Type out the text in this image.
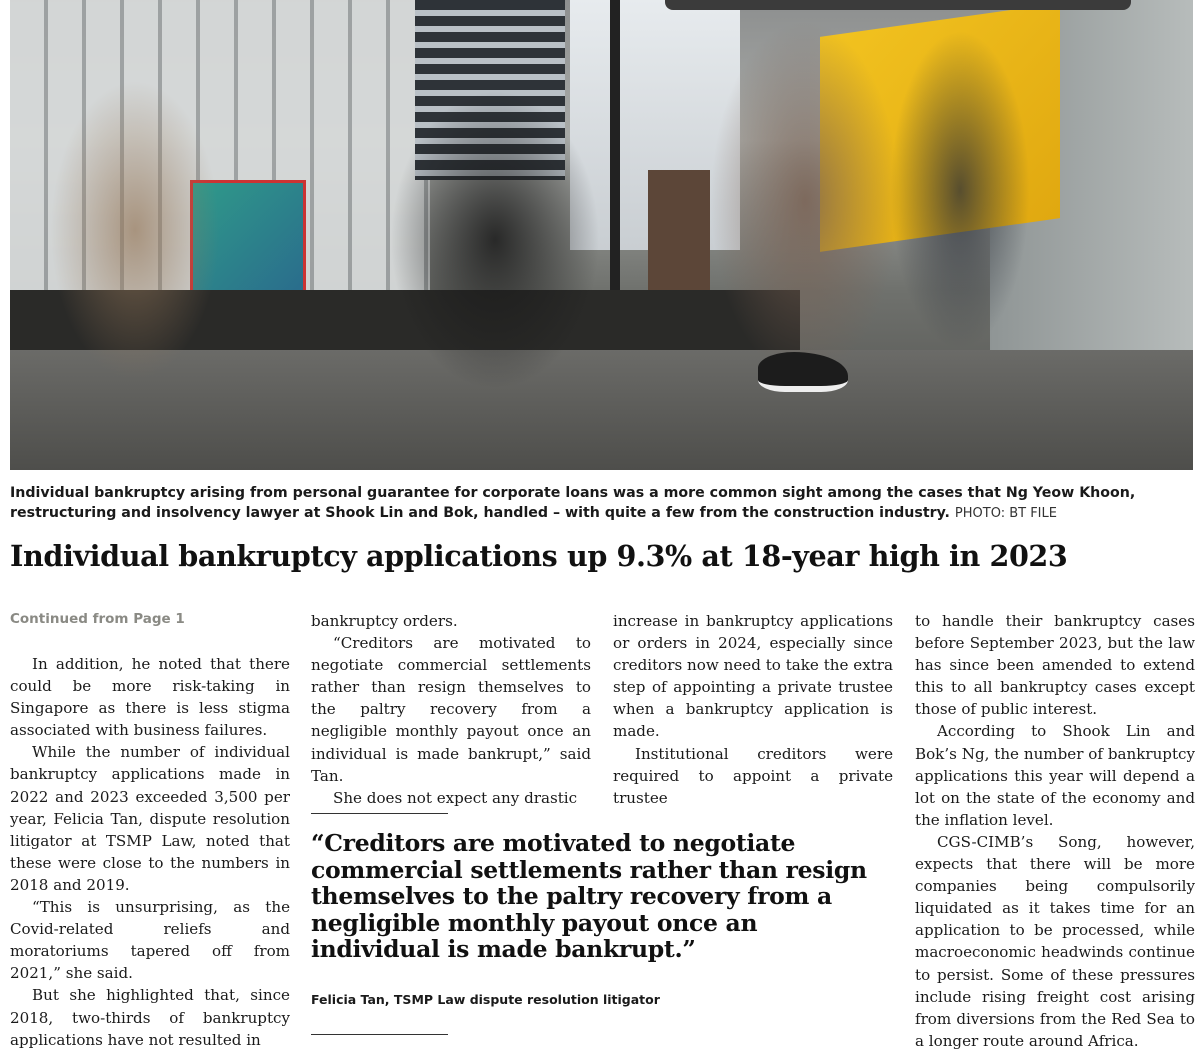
Individual bankruptcy arising from personal guarantee for corporate loans was a more common sight among the cases that Ng Yeow Khoon, restructuring and insolvency lawyer at Shook Lin and Bok, handled – with quite a few from the construction industry. PHOTO: BT FILE
Individual bankruptcy applications up 9.3% at 18-year high in 2023
Continued from Page 1

In addition, he noted that there could be more risk-taking in Singapore as there is less stigma associated with business failures.

While the number of individual bankruptcy applications made in 2022 and 2023 exceeded 3,500 per year, Felicia Tan, dispute resolution litigator at TSMP Law, noted that these were close to the numbers in 2018 and 2019.

“This is unsurprising, as the Covid-related reliefs and moratoriums tapered off from 2021,” she said.

But she highlighted that, since 2018, two-thirds of bankruptcy applications have not resulted in

bankruptcy orders.

“Creditors are motivated to negotiate commercial settlements rather than resign themselves to the paltry recovery from a negligible monthly payout once an individual is made bankrupt,” said Tan.

She does not expect any drastic

increase in bankruptcy applications or orders in 2024, especially since creditors now need to take the extra step of appointing a private trustee when a bankruptcy application is made.

Institutional creditors were required to appoint a private trustee

to handle their bankruptcy cases before September 2023, but the law has since been amended to extend this to all bankruptcy cases except those of public interest.

According to Shook Lin and Bok’s Ng, the number of bankruptcy applications this year will depend a lot on the state of the economy and the inflation level.

CGS-CIMB’s Song, however, expects that there will be more companies being compulsorily liquidated as it takes time for an application to be processed, while macroeconomic headwinds continue to persist. Some of these pressures include rising freight cost arising from diversions from the Red Sea to a longer route around Africa.

“Creditors are motivated to negotiate commercial settlements rather than resign themselves to the paltry recovery from a negligible monthly payout once an individual is made bankrupt.”
Felicia Tan, TSMP Law dispute resolution litigator
